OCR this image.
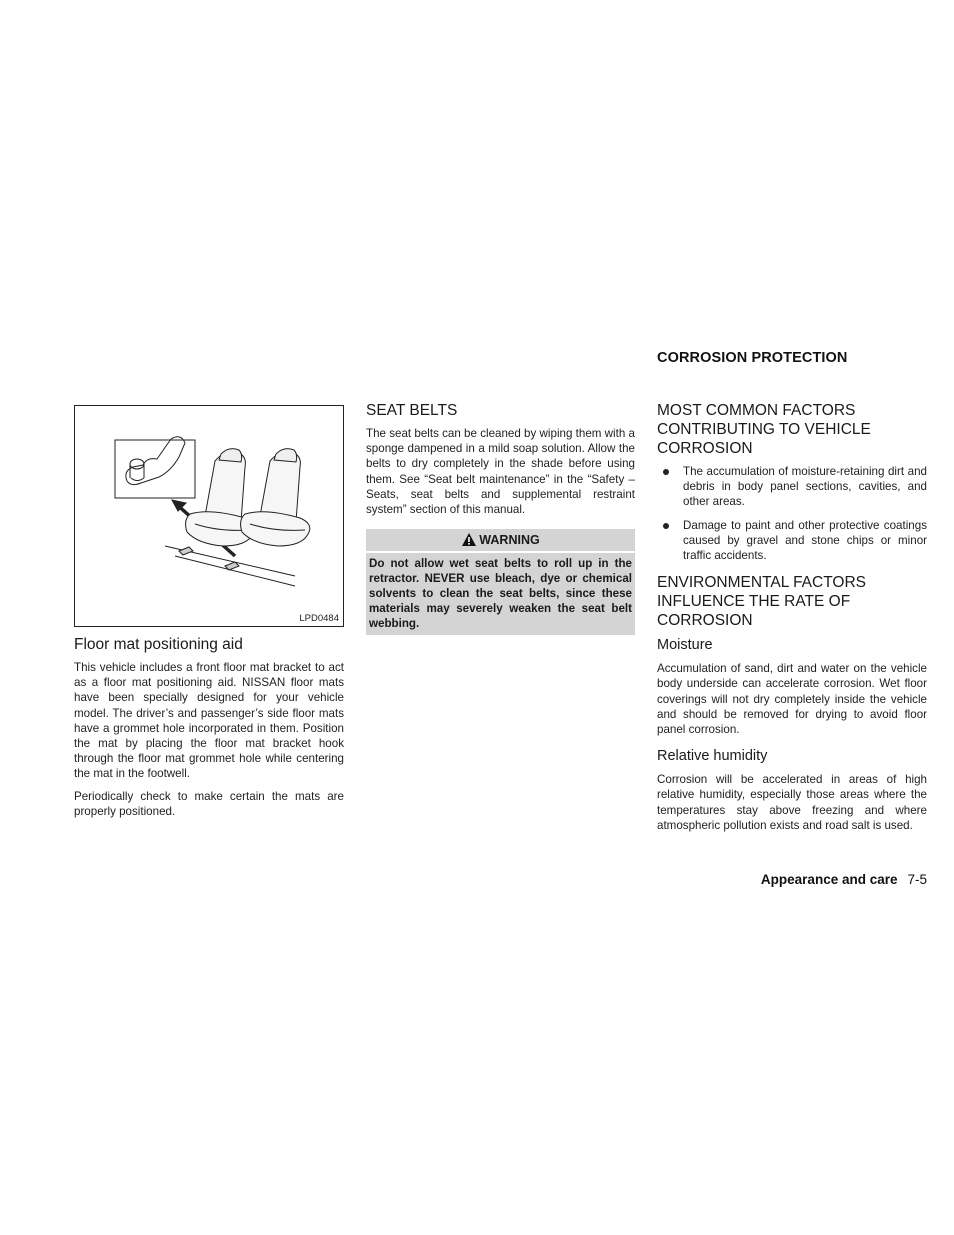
CORROSION PROTECTION
LPD0484
Floor mat positioning aid

This vehicle includes a front floor mat bracket to act as a floor mat positioning aid. NISSAN floor mats have been specially designed for your vehicle model. The driver’s and passenger’s side floor mats have a grommet hole incorporated in them. Position the mat by placing the floor mat bracket hook through the floor mat grommet hole while centering the mat in the footwell.

Periodically check to make certain the mats are properly positioned.

SEAT BELTS

The seat belts can be cleaned by wiping them with a sponge dampened in a mild soap solution. Allow the belts to dry completely in the shade before using them. See “Seat belt maintenance” in the “Safety – Seats, seat belts and supplemental restraint system” section of this manual.

WARNING
Do not allow wet seat belts to roll up in the retractor. NEVER use bleach, dye or chemical solvents to clean the seat belts, since these materials may severely weaken the seat belt webbing.
MOST COMMON FACTORS CONTRIBUTING TO VEHICLE CORROSION
The accumulation of moisture-retaining dirt and debris in body panel sections, cavities, and other areas.
Damage to paint and other protective coatings caused by gravel and stone chips or minor traffic accidents.
ENVIRONMENTAL FACTORS INFLUENCE THE RATE OF CORROSION
Moisture

Accumulation of sand, dirt and water on the vehicle body underside can accelerate corrosion. Wet floor coverings will not dry completely inside the vehicle and should be removed for drying to avoid floor panel corrosion.

Relative humidity

Corrosion will be accelerated in areas of high relative humidity, especially those areas where the temperatures stay above freezing and where atmospheric pollution exists and road salt is used.

Appearance and care 7-5
